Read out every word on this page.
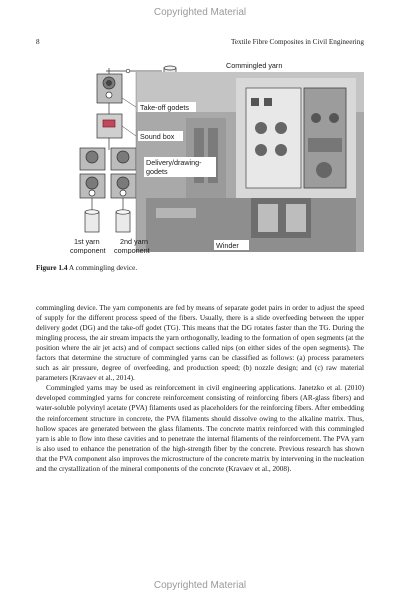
Copyrighted Material
8	Textile Fibre Composites in Civil Engineering
Commingled yarn
Take-off godets
Sound box
Delivery/drawing-
godets
1st yarn
component
2nd yarn
component
Winder
Figure 1.4 A commingling device.

commingling device. The yarn components are fed by means of separate godet pairs in order to adjust the speed of supply for the different process speed of the fibers. Usually, there is a slide overfeeding between the upper delivery godet (DG) and the take-off godet (TG). This means that the DG rotates faster than the TG. During the mingling process, the air stream impacts the yarn orthogonally, leading to the formation of open segments (at the position where the air jet acts) and of compact sections called nips (on either sides of the open segments). The factors that determine the structure of commingled yarns can be classified as follows: (a) process parameters such as air pressure, degree of overfeeding, and production speed; (b) nozzle design; and (c) raw material parameters (Kravaev et al., 2014).

Commingled yarns may be used as reinforcement in civil engineering applications. Janetzko et al. (2010) developed commingled yarns for concrete reinforcement consisting of reinforcing fibers (AR-glass fibers) and water-soluble polyvinyl acetate (PVA) filaments used as placeholders for the reinforcing fibers. After embedding the reinforcement structure in concrete, the PVA filaments should dissolve owing to the alkaline matrix. Thus, hollow spaces are generated between the glass filaments. The concrete matrix reinforced with this commingled yarn is able to flow into these cavities and to penetrate the internal filaments of the reinforcement. The PVA yarn is also used to enhance the penetration of the high-strength fiber by the concrete. Previous research has shown that the PVA component also improves the microstructure of the concrete matrix by intervening in the nucleation and the crystallization of the mineral components of the concrete (Kravaev et al., 2008).

Copyrighted Material
